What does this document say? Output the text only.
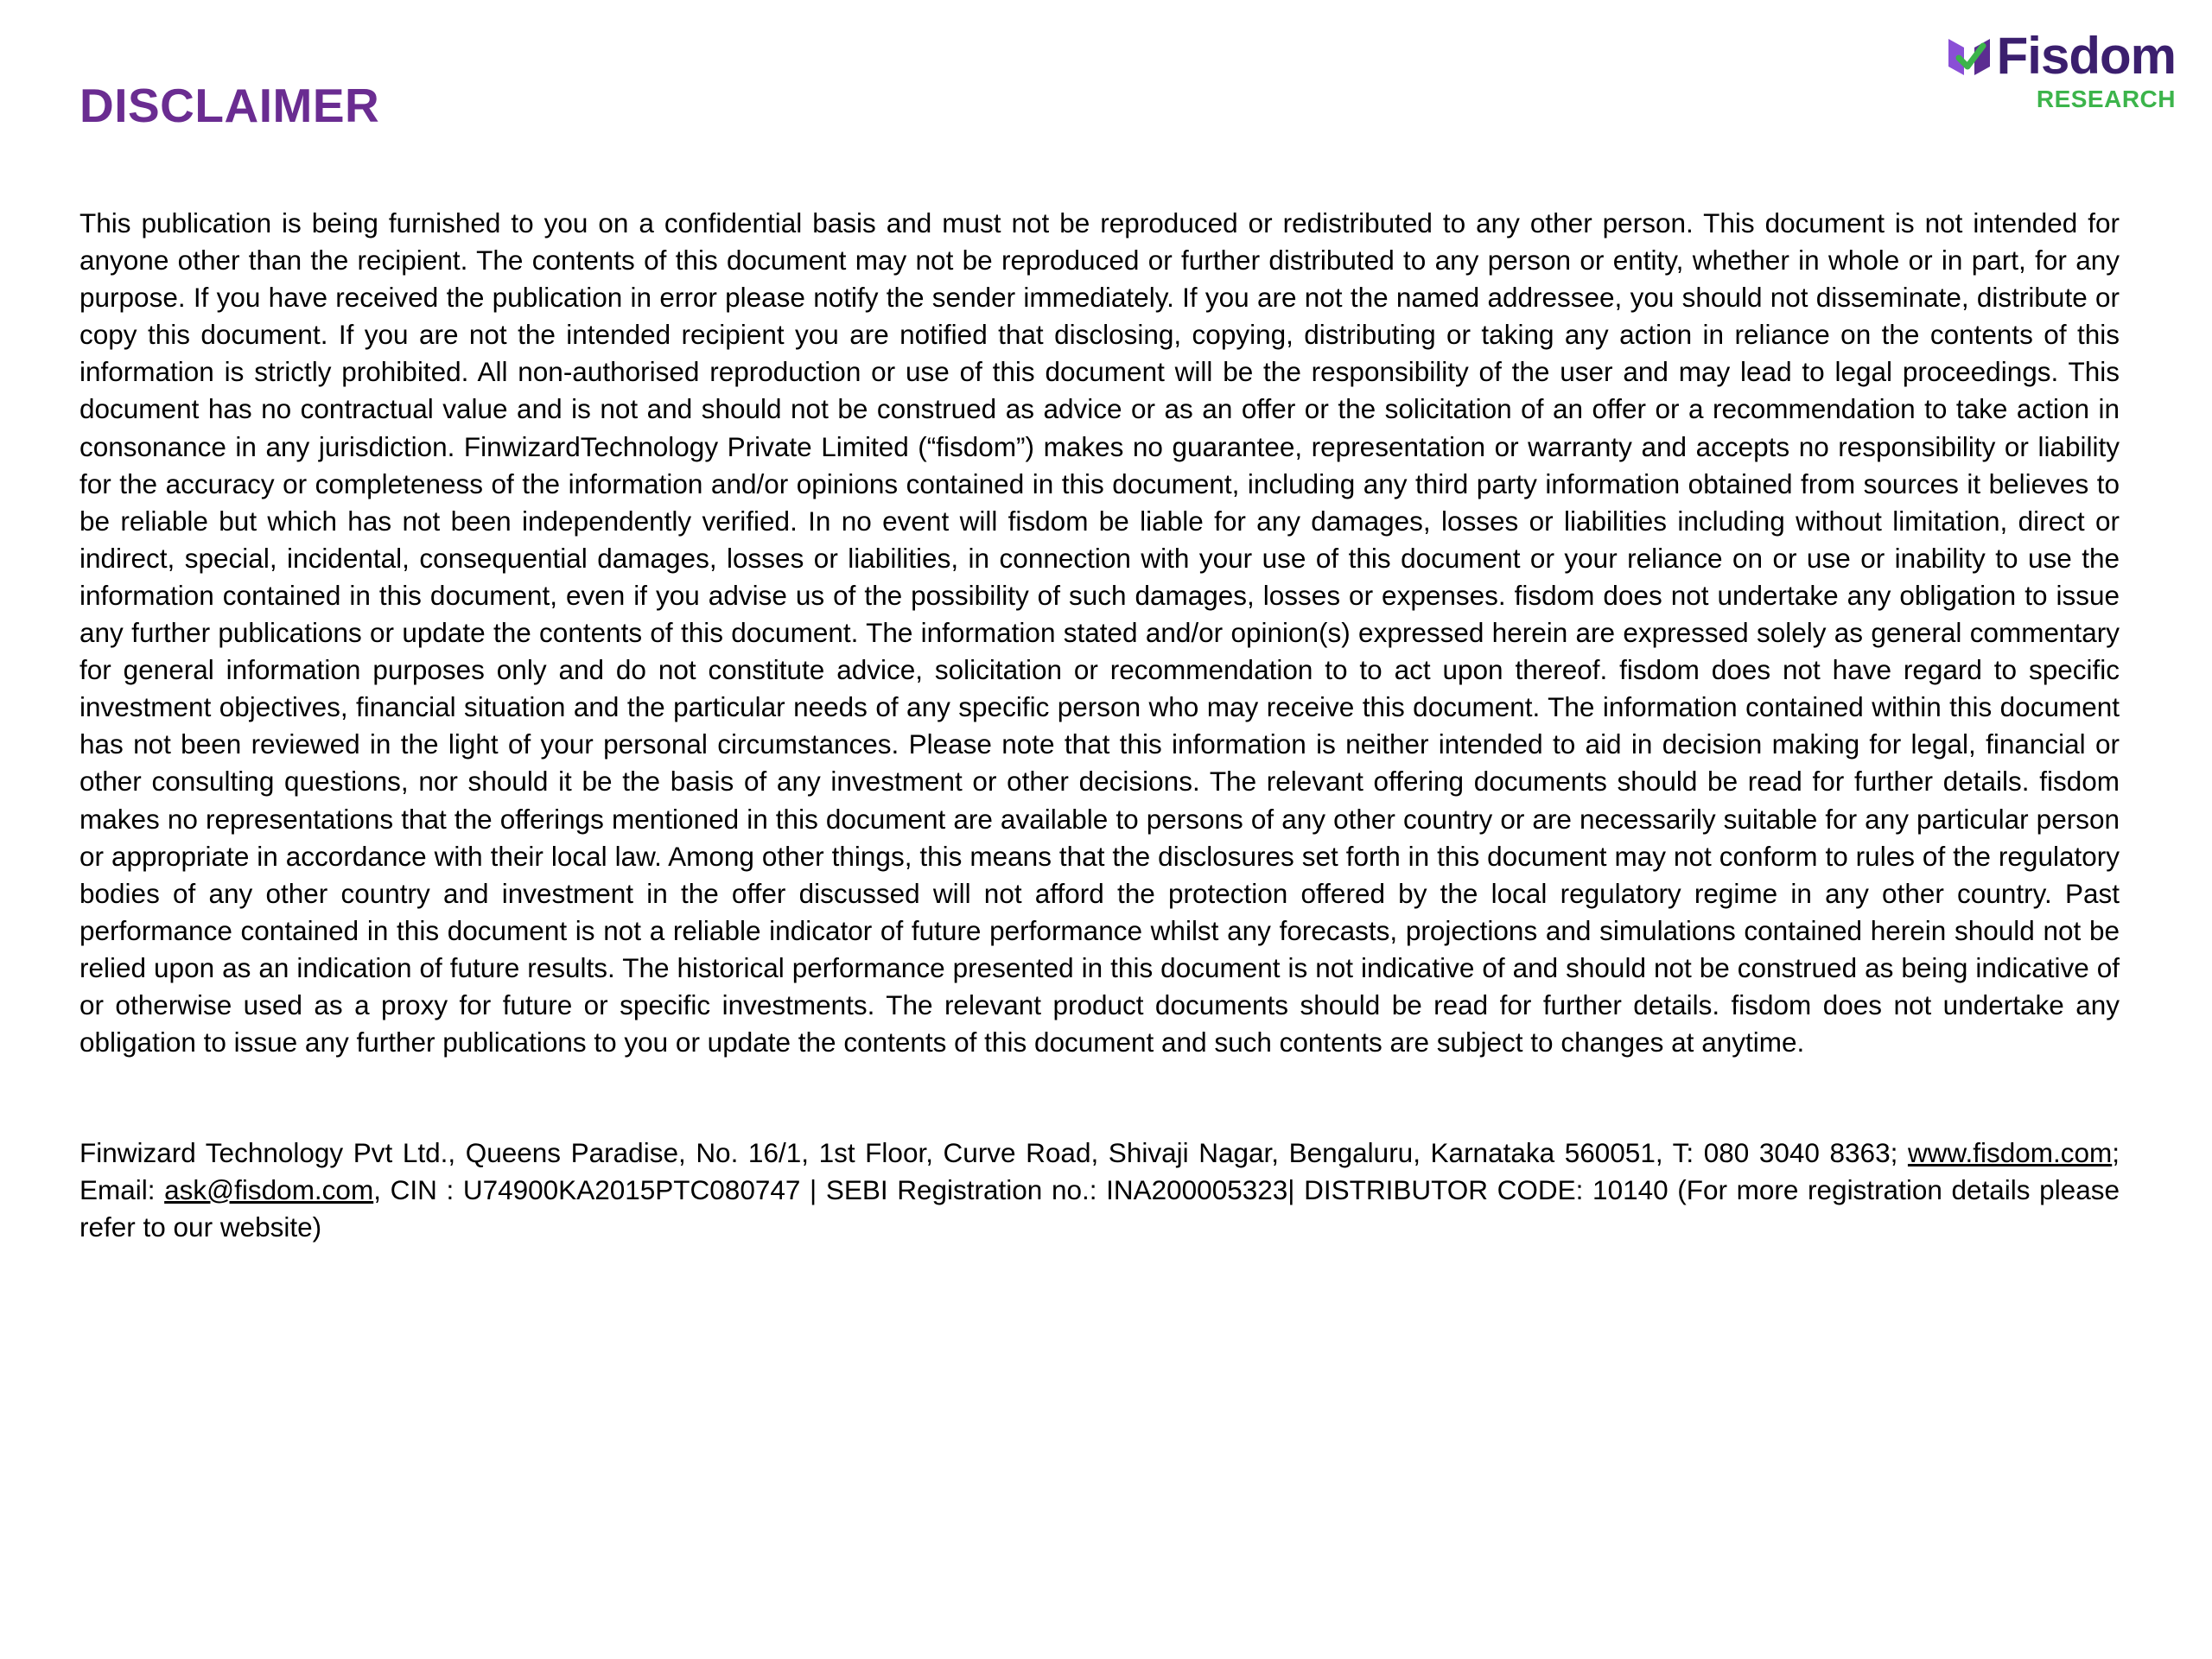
DISCLAIMER
Fisdom
RESEARCH

This publication is being furnished to you on a confidential basis and must not be reproduced or redistributed to any other person. This document is not intended for anyone other than the recipient. The contents of this document may not be reproduced or further distributed to any person or entity, whether in whole or in part, for any purpose. If you have received the publication in error please notify the sender immediately. If you are not the named addressee, you should not disseminate, distribute or copy this document. If you are not the intended recipient you are notified that disclosing, copying, distributing or taking any action in reliance on the contents of this information is strictly prohibited. All non-authorised reproduction or use of this document will be the responsibility of the user and may lead to legal proceedings. This document has no contractual value and is not and should not be construed as advice or as an offer or the solicitation of an offer or a recommendation to take action in consonance in any jurisdiction. FinwizardTechnology Private Limited (“fisdom”) makes no guarantee, representation or warranty and accepts no responsibility or liability for the accuracy or completeness of the information and/or opinions contained in this document, including any third party information obtained from sources it believes to be reliable but which has not been independently verified. In no event will fisdom be liable for any damages, losses or liabilities including without limitation, direct or indirect, special, incidental, consequential damages, losses or liabilities, in connection with your use of this document or your reliance on or use or inability to use the information contained in this document, even if you advise us of the possibility of such damages, losses or expenses. fisdom does not undertake any obligation to issue any further publications or update the contents of this document. The information stated and/or opinion(s) expressed herein are expressed solely as general commentary for general information purposes only and do not constitute advice, solicitation or recommendation to to act upon thereof. fisdom does not have regard to specific investment objectives, financial situation and the particular needs of any specific person who may receive this document. The information contained within this document has not been reviewed in the light of your personal circumstances. Please note that this information is neither intended to aid in decision making for legal, financial or other consulting questions, nor should it be the basis of any investment or other decisions. The relevant offering documents should be read for further details. fisdom makes no representations that the offerings mentioned in this document are available to persons of any other country or are necessarily suitable for any particular person or appropriate in accordance with their local law. Among other things, this means that the disclosures set forth in this document may not conform to rules of the regulatory bodies of any other country and investment in the offer discussed will not afford the protection offered by the local regulatory regime in any other country. Past performance contained in this document is not a reliable indicator of future performance whilst any forecasts, projections and simulations contained herein should not be relied upon as an indication of future results. The historical performance presented in this document is not indicative of and should not be construed as being indicative of or otherwise used as a proxy for future or specific investments. The relevant product documents should be read for further details. fisdom does not undertake any obligation to issue any further publications to you or update the contents of this document and such contents are subject to changes at anytime.

Finwizard Technology Pvt Ltd., Queens Paradise, No. 16/1, 1st Floor, Curve Road, Shivaji Nagar, Bengaluru, Karnataka 560051, T: 080 3040 8363; www.fisdom.com; Email: ask@fisdom.com, CIN : U74900KA2015PTC080747 | SEBI Registration no.: INA200005323| DISTRIBUTOR CODE: 10140 (For more registration details please refer to our website)
